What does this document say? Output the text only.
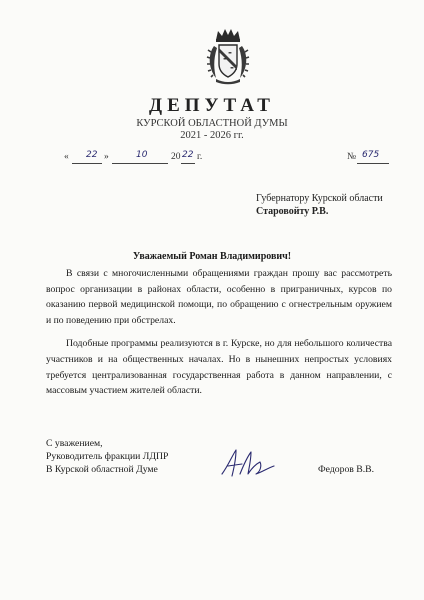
ДЕПУТАТ
КУРСКОЙ ОБЛАСТНОЙ ДУМЫ
2021 - 2026 гг.
« 22 »	10 20 22 г.	№ 675
Губернатору Курской области
Старовойту Р.В.
Уважаемый Роман Владимирович!

В связи с многочисленными обращениями граждан прошу вас рассмотреть вопрос организации в районах области, особенно в приграничных, курсов по оказанию первой медицинской помощи, по обращению с огнестрельным оружием и по поведению при обстрелах.

Подобные программы реализуются в г. Курске, но для небольшого количества участников и на общественных началах. Но в нынешних непростых условиях требуется централизованная государственная работа в данном направлении, с массовым участием жителей области.

С уважением,
Руководитель фракции ЛДПР
В Курской областной Думе	Федоров В.В.
